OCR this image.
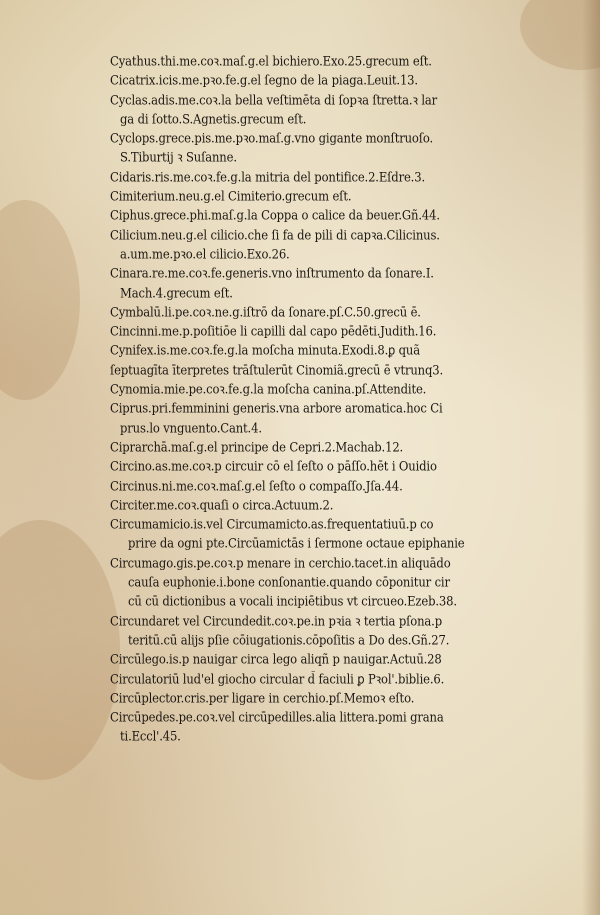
Cyathus.thi.me.coꝛ.maſ.g.el bichiero.Exo.25.grecum eſt.
Cicatrix.icis.me.pꝛo.fe.g.el ſegno de la piaga.Leuit.13.
Cyclas.adis.me.coꝛ.la bella veſtimēta di ſopꝛa ſtretta.ꝛ lar
ga di ſotto.S.Agnetis.grecum eſt.
Cyclops.grece.pis.me.pꝛo.maſ.g.vno gigante monſtruoſo.
S.Tiburtij ꝛ Suſanne.
Cidaris.ris.me.coꝛ.fe.g.la mitria del pontifice.2.Eſdre.3.
Cimiterium.neu.g.el Cimiterio.grecum eſt.
Ciphus.grece.phi.maſ.g.la Coppa o calice da beuer.Gñ.44.
Cilicium.neu.g.el cilicio.che ſi fa de pili di capꝛa.Cilicinus.
a.um.me.pꝛo.el cilicio.Exo.26.
Cinara.re.me.coꝛ.fe.generis.vno inſtrumento da ſonare.I.
Mach.4.grecum eſt.
Cymbalū.li.pe.coꝛ.ne.g.iſtrō da ſonare.pſ.C.50.grecū ē.
Cincinni.me.p.poſitiōe li capilli dal capo pēdēti.Judith.16.
Cynifex.is.me.coꝛ.fe.g.la moſcha minuta.Exodi.8.ꝑ quã
ſeptuagīta īterpretes trāſtulerūt Cinomiã.grecū ē vtrunq3.
Cynomia.mie.pe.coꝛ.fe.g.la moſcha canina.pſ.Attendite.
Ciprus.pri.femminini generis.vna arbore aromatica.hoc Ci
prus.lo vnguento.Cant.4.
Ciprarchā.maſ.g.el principe de Cepri.2.Machab.12.
Circino.as.me.coꝛ.p circuir cō el ſeſto o pāſſo.hēt i Ouidio
Circinus.ni.me.coꝛ.maſ.g.el ſeſto o compaſſo.Jſa.44.
Circiter.me.coꝛ.quaſi o circa.Actuum.2.
Circumamicio.is.vel Circumamicto.as.frequentatiuū.p co
prire da ogni pte.Circūamictās i ſermone octaue epiphanie
Circumago.gis.pe.coꝛ.p menare in cerchio.tacet.in aliquādo
cauſa euphonie.i.bone conſonantie.quando cōponitur cir
cū cū dictionibus a vocali incipiētibus vt circueo.Ezeb.38.
Circundaret vel Circundedit.coꝛ.pe.in pꝛia ꝛ tertia pſona.p
teritū.cū alijs pſie cōiugationis.cōpoſitis a Do des.Gñ.27.
Circūlego.is.p nauigar circa lego aliqñ p nauigar.Actuū.28
Circulatoriū lud'el giocho circular d̄ faciuli ꝑ Pꝛol'.biblie.6.
Circūplector.cris.per ligare in cerchio.pſ.Memoꝛ eſto.
Circūpedes.pe.coꝛ.vel circūpedilles.alia littera.pomi grana
ti.Eccl'.45.
